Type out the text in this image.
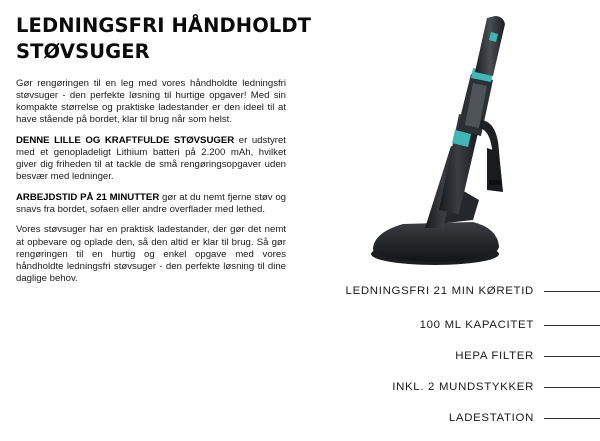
LEDNINGSFRI HÅNDHOLDT
STØVSUGER

Gør rengøringen til en leg med vores håndholdte ledningsfri støvsuger - den perfekte løsning til hurtige opgaver! Med sin kompakte størrelse og praktiske ladestander er den ideel til at have stående på bordet, klar til brug når som helst.

DENNE LILLE OG KRAFTFULDE STØVSUGER er udstyret med et genopladeligt Lithium batteri på 2.200 mAh, hvilket giver dig friheden til at tackle de små rengøringsopgaver uden besvær med ledninger.

ARBEJDSTID PÅ 21 MINUTTER gør at du nemt fjerne støv og snavs fra bordet, sofaen eller andre overflader med lethed.

Vores støvsuger har en praktisk ladestander, der gør det nemt at opbevare og oplade den, så den altid er klar til brug. Så gør rengøringen til en hurtig og enkel opgave med vores håndholdte ledningsfri støvsuger - den perfekte løsning til dine daglige behov.

LEDNINGSFRI 21 MIN KØRETID
100 ML KAPACITET
HEPA FILTER
INKL. 2 MUNDSTYKKER
LADESTATION
